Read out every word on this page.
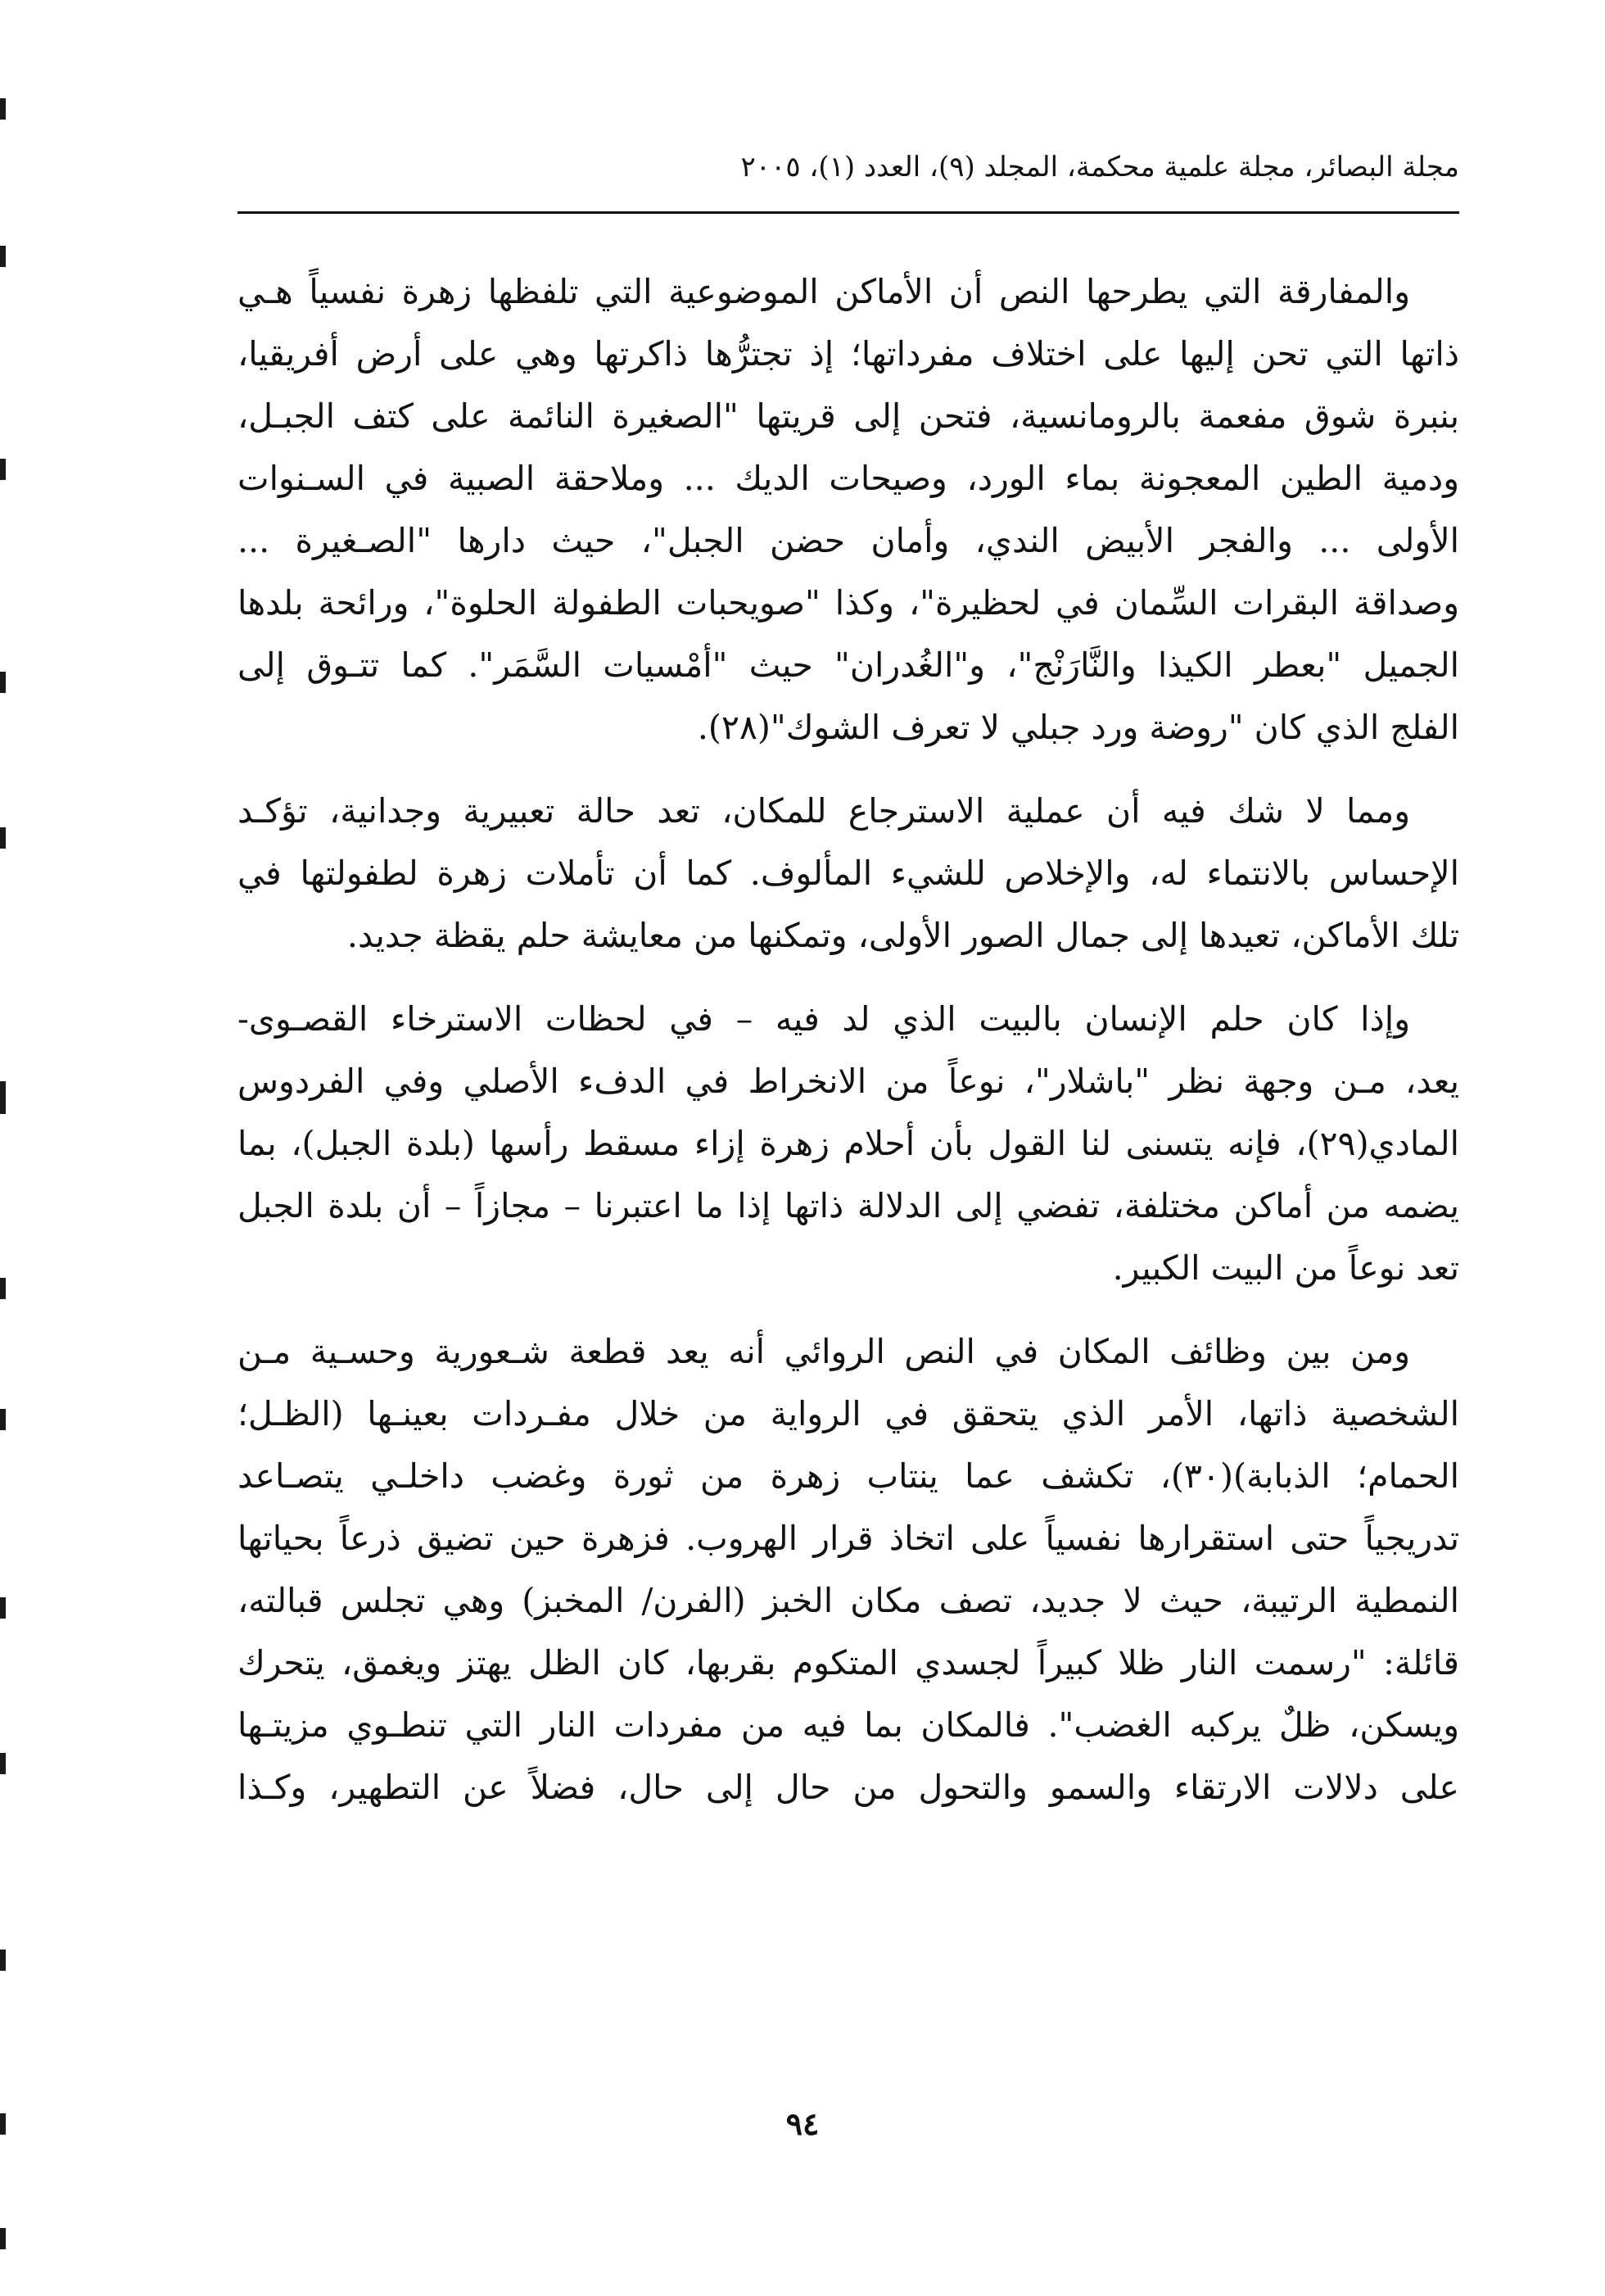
مجلة البصائر، مجلة علمية محكمة، المجلد (٩)، العدد (١)، ٢٠٠٥
والمفارقة التي يطرحها النص أن الأماكن الموضوعية التي تلفظها زهرة نفسياً هـي
ذاتها التي تحن إليها على اختلاف مفرداتها؛ إذ تجترُّها ذاكرتها وهي على أرض أفريقيا،
بنبرة شوق مفعمة بالرومانسية، فتحن إلى قريتها "الصغيرة النائمة على كتف الجبـل،
ودمية الطين المعجونة بماء الورد، وصيحات الديك ... وملاحقة الصبية في السـنوات
الأولى ... والفجر الأبيض الندي، وأمان حضن الجبل"، حيث دارها "الصـغيرة ...
وصداقة البقرات السِّمان في لحظيرة"، وكذا "صويحبات الطفولة الحلوة"، ورائحة بلدها
الجميل "بعطر الكيذا والنَّارَنْج"، و"الغُدران" حيث "أمْسيات السَّمَر". كما تتـوق إلى
الفلج الذي كان "روضة ورد جبلي لا تعرف الشوك"(٢٨).
ومما لا شك فيه أن عملية الاسترجاع للمكان، تعد حالة تعبيرية وجدانية، تؤكـد
الإحساس بالانتماء له، والإخلاص للشيء المألوف. كما أن تأملات زهرة لطفولتها في
تلك الأماكن، تعيدها إلى جمال الصور الأولى، وتمكنها من معايشة حلم يقظة جديد.
وإذا كان حلم الإنسان بالبيت الذي لد فيه – في لحظات الاسترخاء القصـوى-
يعد، مـن وجهة نظر "باشلار"، نوعاً من الانخراط في الدفء الأصلي وفي الفردوس
المادي(٢٩)، فإنه يتسنى لنا القول بأن أحلام زهرة إزاء مسقط رأسها (بلدة الجبل)، بما
يضمه من أماكن مختلفة، تفضي إلى الدلالة ذاتها إذا ما اعتبرنا – مجازاً – أن بلدة الجبل
تعد نوعاً من البيت الكبير.
ومن بين وظائف المكان في النص الروائي أنه يعد قطعة شـعورية وحسـية مـن
الشخصية ذاتها، الأمر الذي يتحقق في الرواية من خلال مفـردات بعينـها (الظـل؛
الحمام؛ الذبابة)(٣٠)، تكشف عما ينتاب زهرة من ثورة وغضب داخلـي يتصـاعد
تدريجياً حتى استقرارها نفسياً على اتخاذ قرار الهروب. فزهرة حين تضيق ذرعاً بحياتها
النمطية الرتيبة، حيث لا جديد، تصف مكان الخبز (الفرن/ المخبز) وهي تجلس قبالته،
قائلة: "رسمت النار ظلا كبيراً لجسدي المتكوم بقربها، كان الظل يهتز ويغمق، يتحرك
ويسكن، ظلٌ يركبه الغضب". فالمكان بما فيه من مفردات النار التي تنطـوي مزيتـها
على دلالات الارتقاء والسمو والتحول من حال إلى حال، فضلاً عن التطهير، وكـذا
٩٤
